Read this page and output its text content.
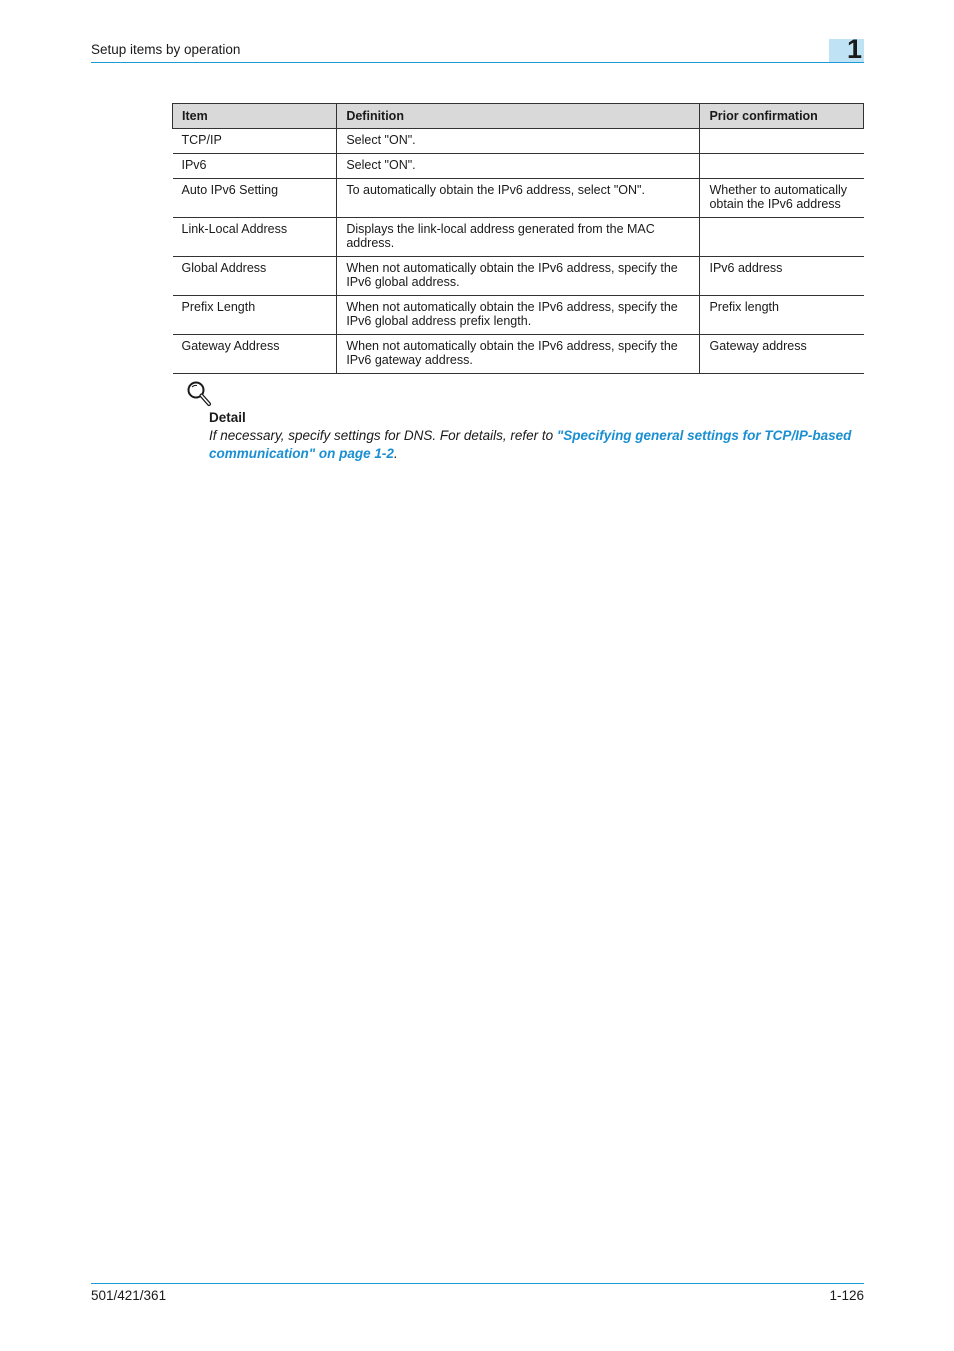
Setup items by operation	1
Item	Definition	Prior confirmation
TCP/IP	Select "ON".	
IPv6	Select "ON".	
Auto IPv6 Setting	To automatically obtain the IPv6 address, select "ON".	Whether to automatically obtain the IPv6 address
Link-Local Address	Displays the link-local address generated from the MAC address.	
Global Address	When not automatically obtain the IPv6 address, specify the IPv6 global address.	IPv6 address
Prefix Length	When not automatically obtain the IPv6 address, specify the IPv6 global address prefix length.	Prefix length
Gateway Address	When not automatically obtain the IPv6 address, specify the IPv6 gateway address.	Gateway address
Detail
If necessary, specify settings for DNS. For details, refer to "Specifying general settings for TCP/IP-based communication" on page 1-2.
501/421/361	1-126
